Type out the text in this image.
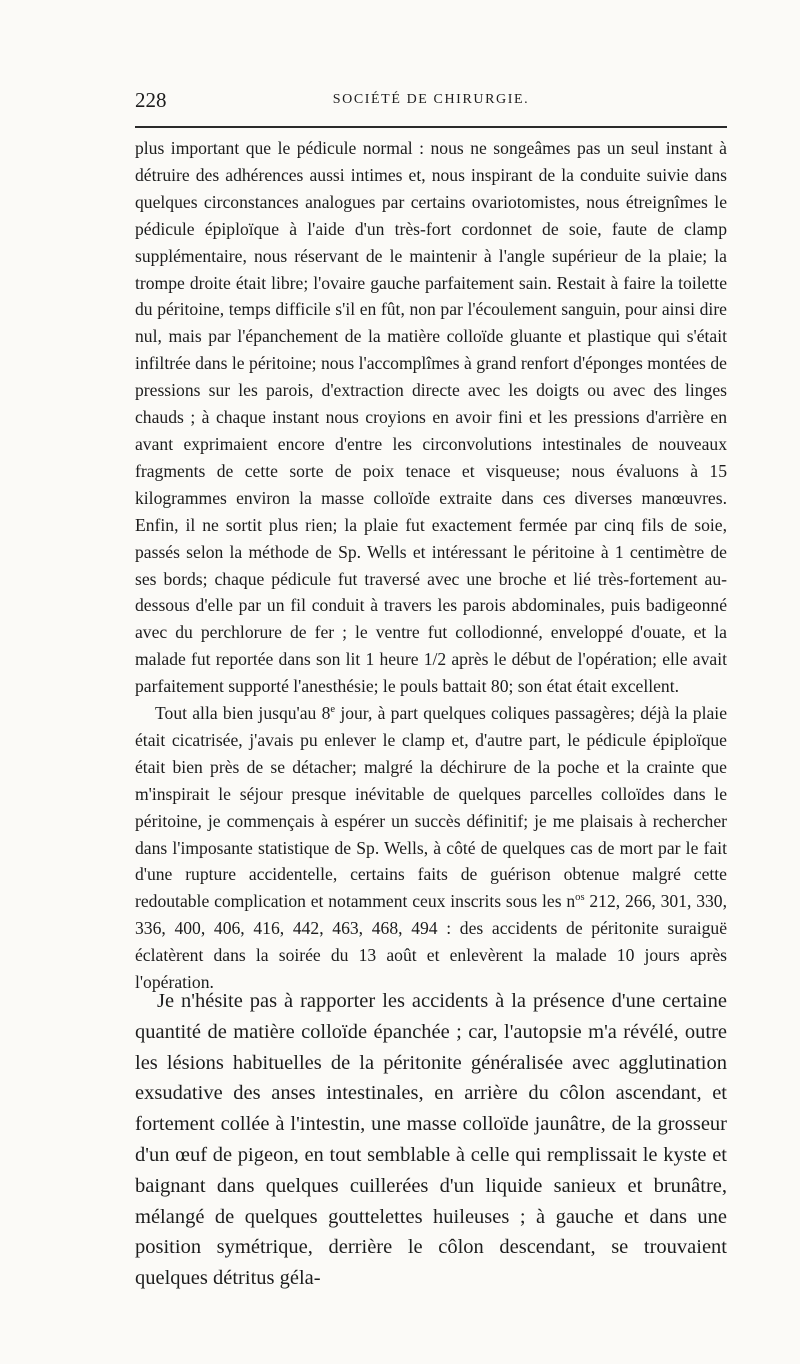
228	SOCIÉTÉ DE CHIRURGIE.

plus important que le pédicule normal : nous ne songeâmes pas un seul instant à détruire des adhérences aussi intimes et, nous inspirant de la conduite suivie dans quelques circonstances analogues par certains ovariotomistes, nous étreignîmes le pédicule épiploïque à l'aide d'un très-fort cordonnet de soie, faute de clamp supplémentaire, nous réservant de le maintenir à l'angle supérieur de la plaie; la trompe droite était libre; l'ovaire gauche parfaitement sain. Restait à faire la toilette du péritoine, temps difficile s'il en fût, non par l'écoulement sanguin, pour ainsi dire nul, mais par l'épanchement de la matière colloïde gluante et plastique qui s'était infiltrée dans le péritoine; nous l'accomplîmes à grand renfort d'éponges montées de pressions sur les parois, d'extraction directe avec les doigts ou avec des linges chauds ; à chaque instant nous croyions en avoir fini et les pressions d'arrière en avant exprimaient encore d'entre les circonvolutions intestinales de nouveaux fragments de cette sorte de poix tenace et visqueuse; nous évaluons à 15 kilogrammes environ la masse colloïde extraite dans ces diverses manœuvres. Enfin, il ne sortit plus rien; la plaie fut exactement fermée par cinq fils de soie, passés selon la méthode de Sp. Wells et intéressant le péritoine à 1 centimètre de ses bords; chaque pédicule fut traversé avec une broche et lié très-fortement au-dessous d'elle par un fil conduit à travers les parois abdominales, puis badigeonné avec du perchlorure de fer ; le ventre fut collodionné, enveloppé d'ouate, et la malade fut reportée dans son lit 1 heure 1/2 après le début de l'opération; elle avait parfaitement supporté l'anesthésie; le pouls battait 80; son état était excellent.

Tout alla bien jusqu'au 8e jour, à part quelques coliques passagères; déjà la plaie était cicatrisée, j'avais pu enlever le clamp et, d'autre part, le pédicule épiploïque était bien près de se détacher; malgré la déchirure de la poche et la crainte que m'inspirait le séjour presque inévitable de quelques parcelles colloïdes dans le péritoine, je commençais à espérer un succès définitif; je me plaisais à rechercher dans l'imposante statistique de Sp. Wells, à côté de quelques cas de mort par le fait d'une rupture accidentelle, certains faits de guérison obtenue malgré cette redoutable complication et notamment ceux inscrits sous les $n^{os}$ 212, 266, 301, 330, 336, 400, 406, 416, 442, 463, 468, 494 : des accidents de péritonite suraiguë éclatèrent dans la soirée du 13 août et enlevèrent la malade 10 jours après l'opération.

Je n'hésite pas à rapporter les accidents à la présence d'une certaine quantité de matière colloïde épanchée ; car, l'autopsie m'a révélé, outre les lésions habituelles de la péritonite généralisée avec agglutination exsudative des anses intestinales, en arrière du côlon ascendant, et fortement collée à l'intestin, une masse colloïde jaunâtre, de la grosseur d'un œuf de pigeon, en tout semblable à celle qui remplissait le kyste et baignant dans quelques cuillerées d'un liquide sanieux et brunâtre, mélangé de quelques gouttelettes huileuses ; à gauche et dans une position symétrique, derrière le côlon descendant, se trouvaient quelques détritus géla-
